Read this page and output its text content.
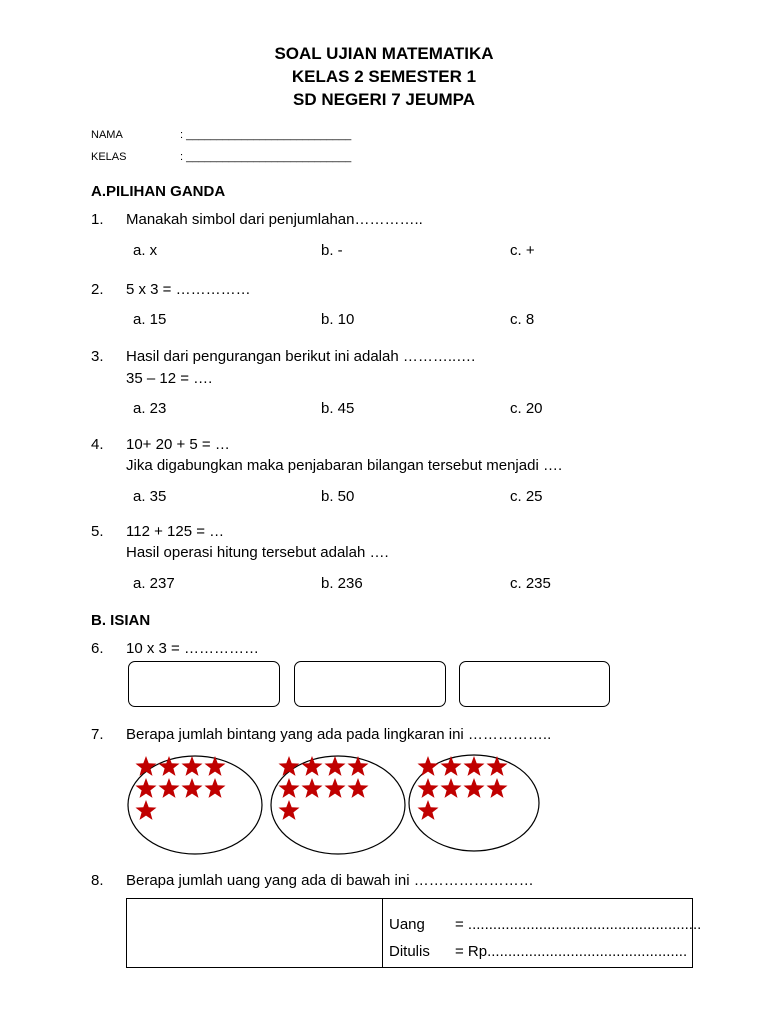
SOAL UJIAN MATEMATIKA
KELAS 2 SEMESTER 1
SD NEGERI 7 JEUMPA
NAMA	: ___________________________
KELAS	: ___________________________
A.PILIHAN GANDA
1. Manakah simbol dari penjumlahan…………..
a. x	b. -	c. +
2. 5 x 3 = ……………
a. 15	b. 10	c. 8
3. Hasil dari pengurangan berikut ini adalah ………..….
35 – 12 = ….
a. 23	b. 45	c. 20
4. 10+ 20 + 5 = …
Jika digabungkan maka penjabaran bilangan tersebut menjadi ….
a. 35	b. 50	c. 25
5. 112 + 125 = …
Hasil operasi hitung tersebut adalah ….
a. 237	b. 236	c. 235
B. ISIAN
6. 10 x 3 = ……………
7. Berapa jumlah bintang yang ada pada lingkaran ini ……………..
8. Berapa jumlah uang yang ada di bawah ini ……………………
Uang = ........................................................
Ditulis = Rp................................................
